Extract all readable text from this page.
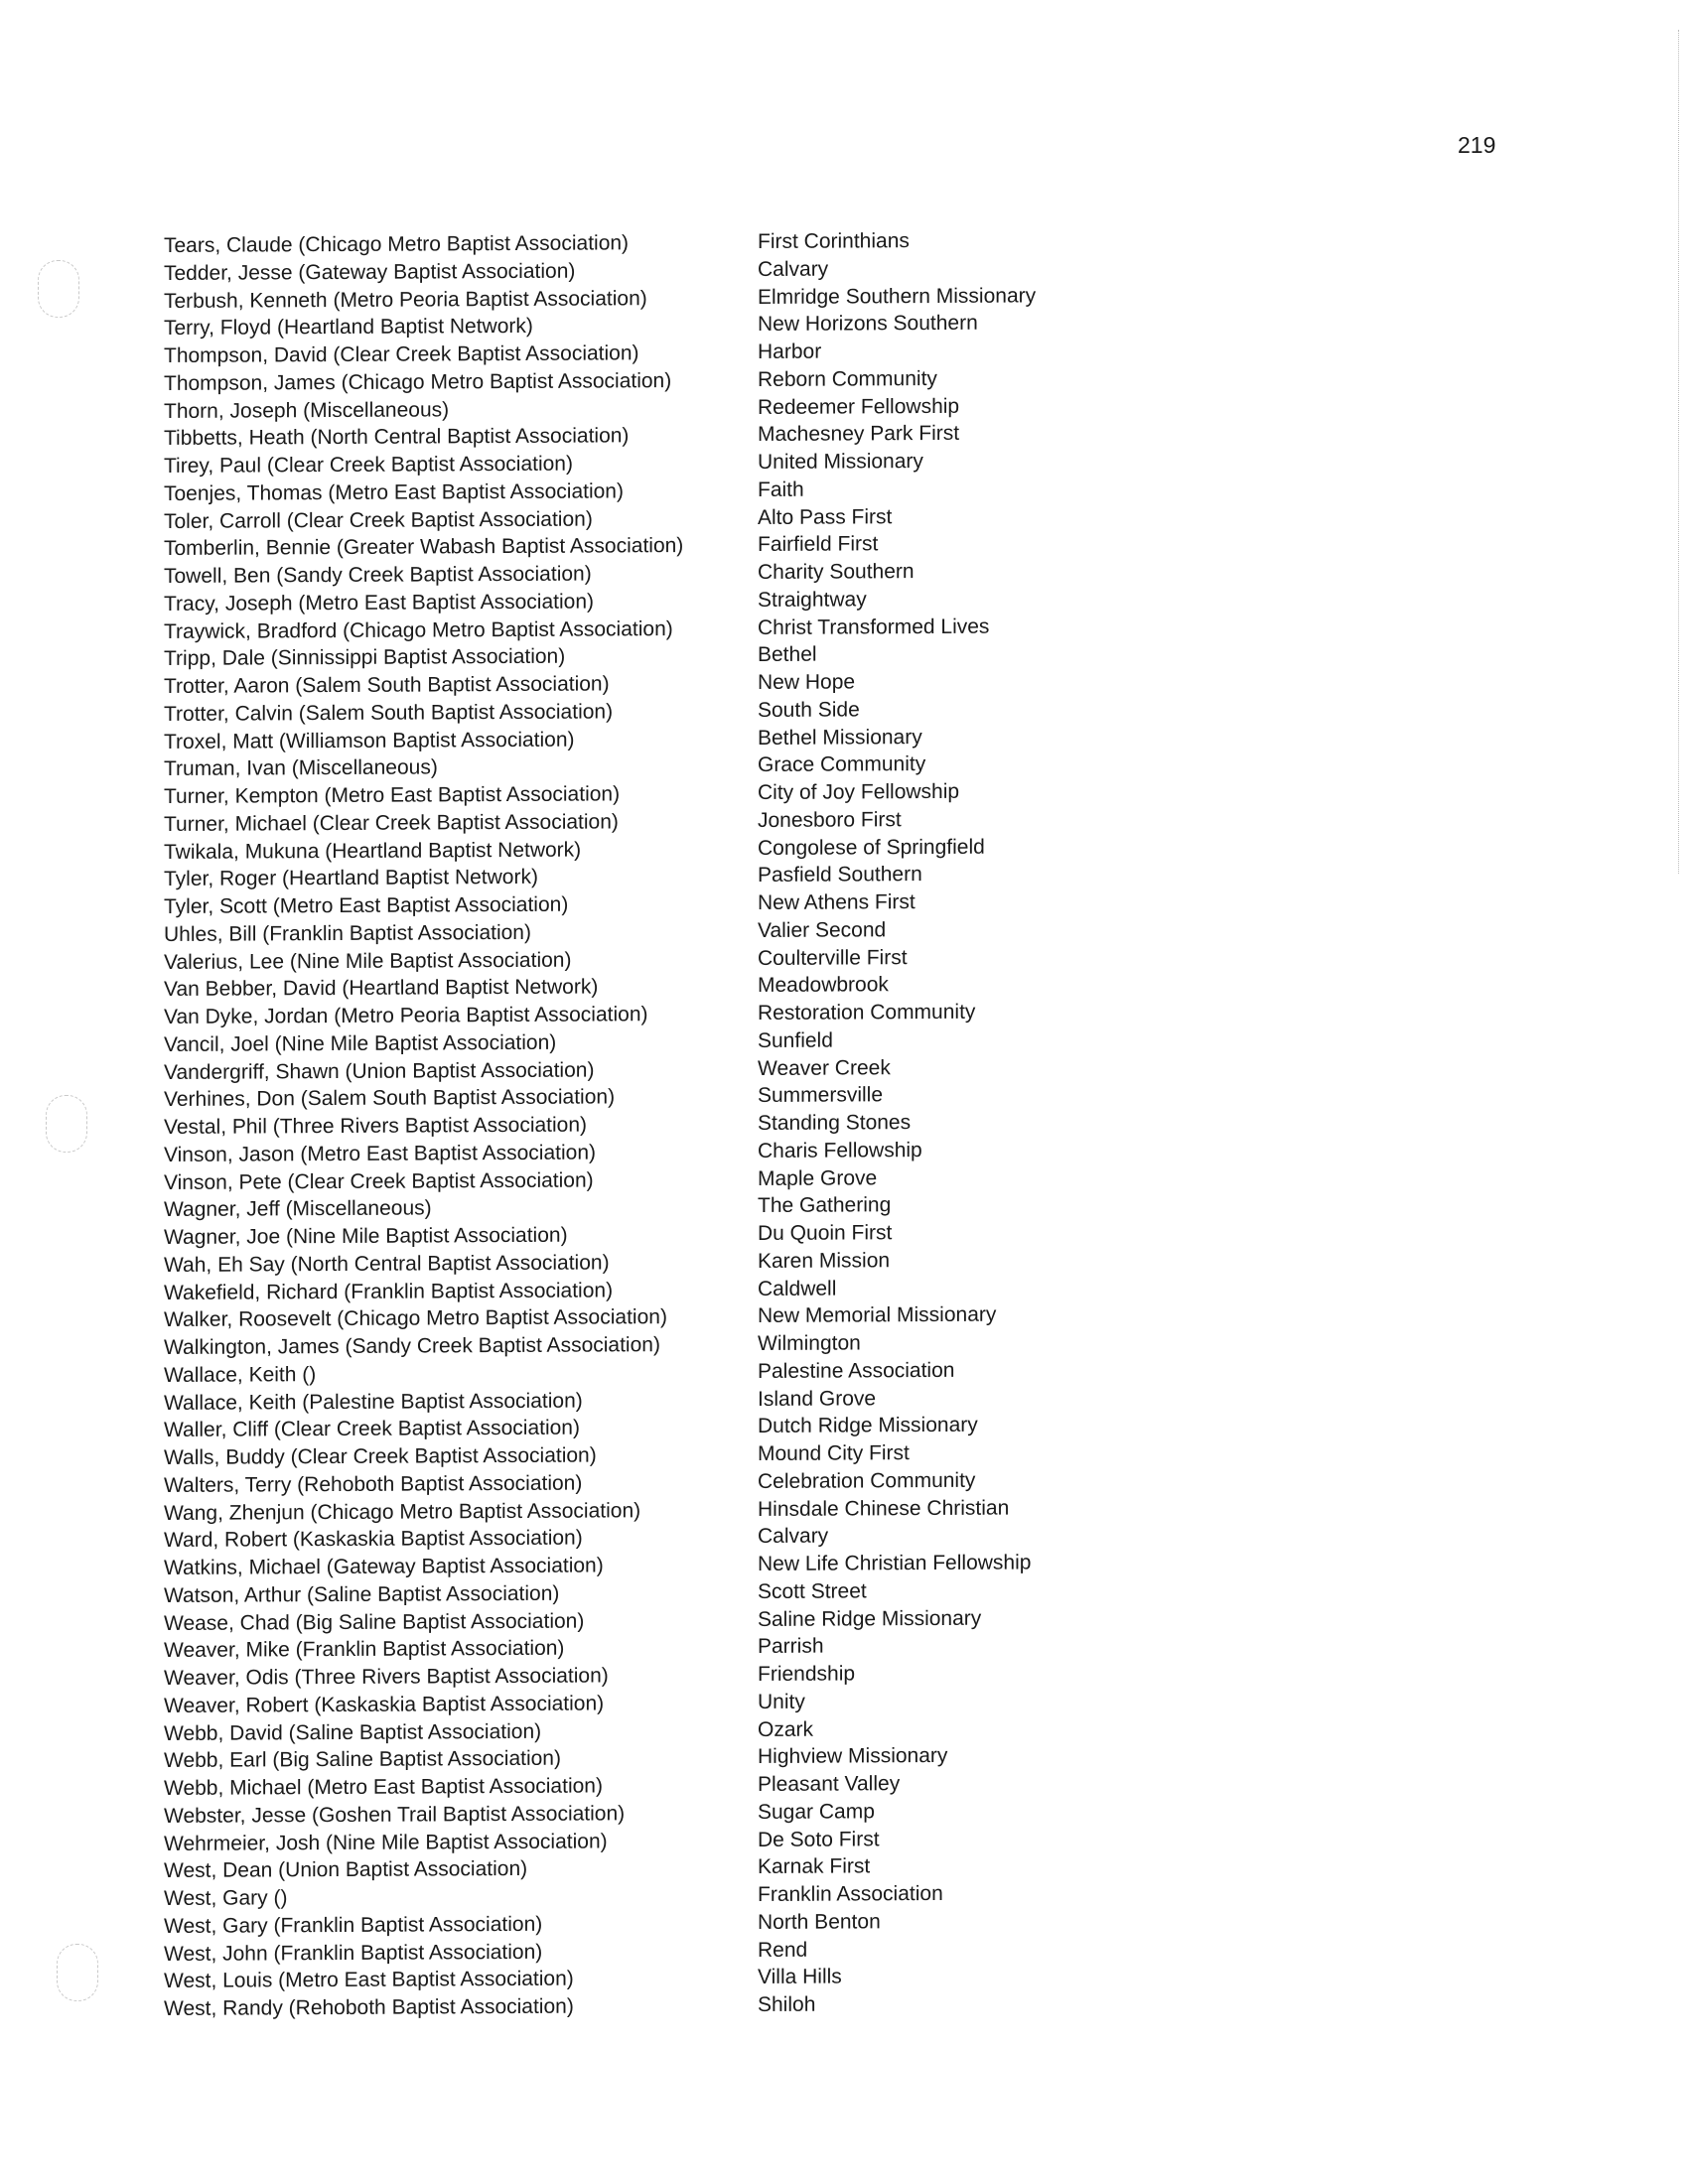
219
Tears, Claude (Chicago Metro Baptist Association)
Tedder, Jesse (Gateway Baptist Association)
Terbush, Kenneth (Metro Peoria Baptist Association)
Terry, Floyd (Heartland Baptist Network)
Thompson, David (Clear Creek Baptist Association)
Thompson, James (Chicago Metro Baptist Association)
Thorn, Joseph (Miscellaneous)
Tibbetts, Heath (North Central Baptist Association)
Tirey, Paul (Clear Creek Baptist Association)
Toenjes, Thomas (Metro East Baptist Association)
Toler, Carroll (Clear Creek Baptist Association)
Tomberlin, Bennie (Greater Wabash Baptist Association)
Towell, Ben (Sandy Creek Baptist Association)
Tracy, Joseph (Metro East Baptist Association)
Traywick, Bradford (Chicago Metro Baptist Association)
Tripp, Dale (Sinnissippi Baptist Association)
Trotter, Aaron (Salem South Baptist Association)
Trotter, Calvin (Salem South Baptist Association)
Troxel, Matt (Williamson Baptist Association)
Truman, Ivan (Miscellaneous)
Turner, Kempton (Metro East Baptist Association)
Turner, Michael (Clear Creek Baptist Association)
Twikala, Mukuna (Heartland Baptist Network)
Tyler, Roger (Heartland Baptist Network)
Tyler, Scott (Metro East Baptist Association)
Uhles, Bill (Franklin Baptist Association)
Valerius, Lee (Nine Mile Baptist Association)
Van Bebber, David (Heartland Baptist Network)
Van Dyke, Jordan (Metro Peoria Baptist Association)
Vancil, Joel (Nine Mile Baptist Association)
Vandergriff, Shawn (Union Baptist Association)
Verhines, Don (Salem South Baptist Association)
Vestal, Phil (Three Rivers Baptist Association)
Vinson, Jason (Metro East Baptist Association)
Vinson, Pete (Clear Creek Baptist Association)
Wagner, Jeff (Miscellaneous)
Wagner, Joe (Nine Mile Baptist Association)
Wah, Eh Say (North Central Baptist Association)
Wakefield, Richard (Franklin Baptist Association)
Walker, Roosevelt (Chicago Metro Baptist Association)
Walkington, James (Sandy Creek Baptist Association)
Wallace, Keith ()
Wallace, Keith (Palestine Baptist Association)
Waller, Cliff (Clear Creek Baptist Association)
Walls, Buddy (Clear Creek Baptist Association)
Walters, Terry (Rehoboth Baptist Association)
Wang, Zhenjun (Chicago Metro Baptist Association)
Ward, Robert (Kaskaskia Baptist Association)
Watkins, Michael (Gateway Baptist Association)
Watson, Arthur (Saline Baptist Association)
Wease, Chad (Big Saline Baptist Association)
Weaver, Mike (Franklin Baptist Association)
Weaver, Odis (Three Rivers Baptist Association)
Weaver, Robert (Kaskaskia Baptist Association)
Webb, David (Saline Baptist Association)
Webb, Earl (Big Saline Baptist Association)
Webb, Michael (Metro East Baptist Association)
Webster, Jesse (Goshen Trail Baptist Association)
Wehrmeier, Josh (Nine Mile Baptist Association)
West, Dean (Union Baptist Association)
West, Gary ()
West, Gary (Franklin Baptist Association)
West, John (Franklin Baptist Association)
West, Louis (Metro East Baptist Association)
West, Randy (Rehoboth Baptist Association)
First Corinthians
Calvary
Elmridge Southern Missionary
New Horizons Southern
Harbor
Reborn Community
Redeemer Fellowship
Machesney Park First
United Missionary
Faith
Alto Pass First
Fairfield First
Charity Southern
Straightway
Christ Transformed Lives
Bethel
New Hope
South Side
Bethel Missionary
Grace Community
City of Joy Fellowship
Jonesboro First
Congolese of Springfield
Pasfield Southern
New Athens First
Valier Second
Coulterville First
Meadowbrook
Restoration Community
Sunfield
Weaver Creek
Summersville
Standing Stones
Charis Fellowship
Maple Grove
The Gathering
Du Quoin First
Karen Mission
Caldwell
New Memorial Missionary
Wilmington
Palestine Association
Island Grove
Dutch Ridge Missionary
Mound City First
Celebration Community
Hinsdale Chinese Christian
Calvary
New Life Christian Fellowship
Scott Street
Saline Ridge Missionary
Parrish
Friendship
Unity
Ozark
Highview Missionary
Pleasant Valley
Sugar Camp
De Soto First
Karnak First
Franklin Association
North Benton
Rend
Villa Hills
Shiloh
